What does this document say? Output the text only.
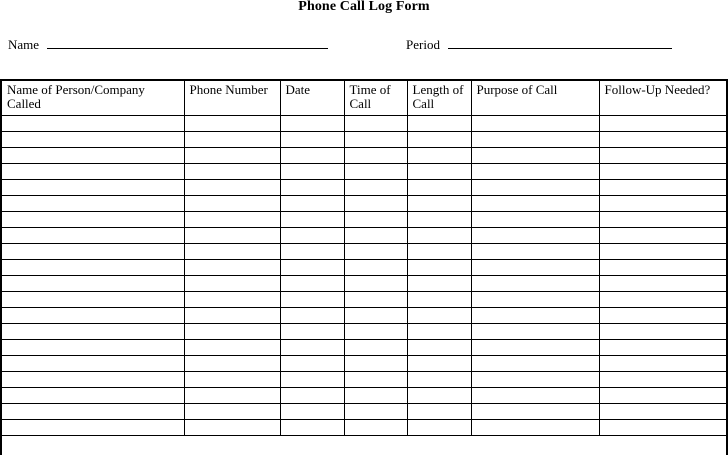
Phone Call Log Form
Name	Period
Name of Person/Company Called	Phone Number	Date	Time of Call	Length of Call	Purpose of Call	Follow-Up Needed?
